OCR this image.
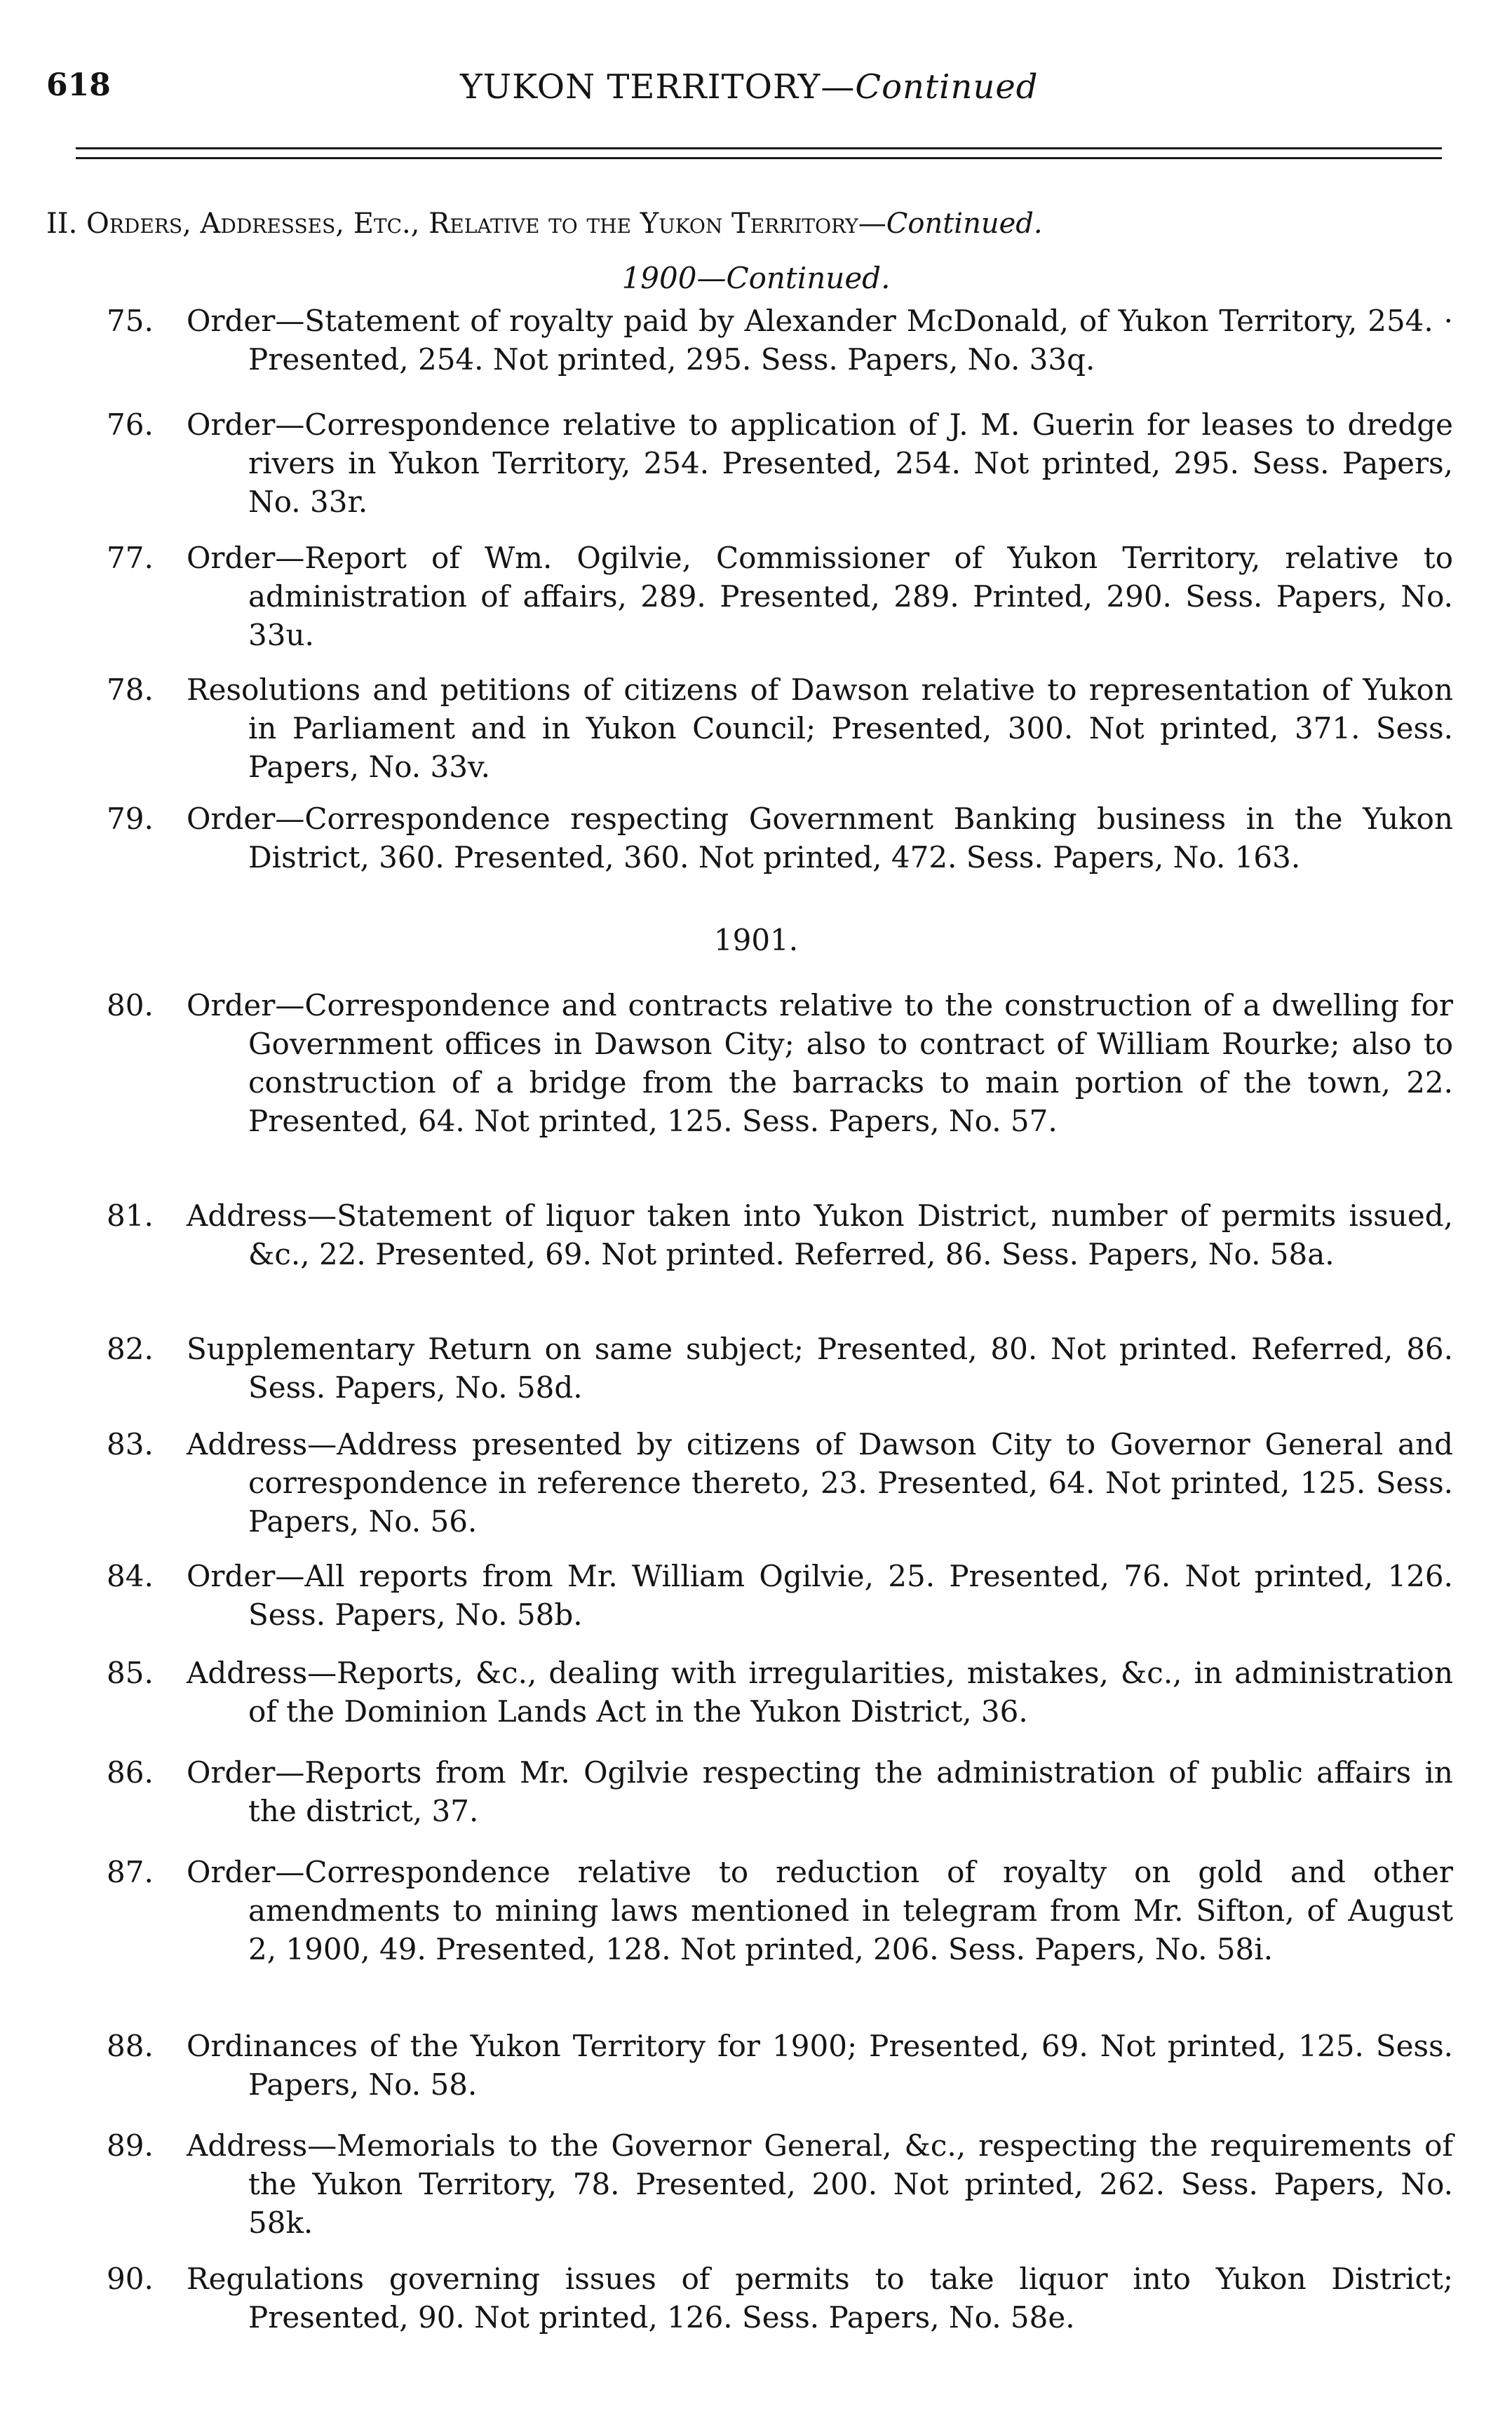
618	YUKON TERRITORY—Continued
II. Orders, Addresses, Etc., Relative to the Yukon Territory—Continued.
1900—Continued.
75.	Order—Statement of royalty paid by Alexander McDonald, of Yukon Territory, 254. · Presented, 254. Not printed, 295. Sess. Papers, No. 33q.
76.	Order—Correspondence relative to application of J. M. Guerin for leases to dredge rivers in Yukon Territory, 254. Presented, 254. Not printed, 295. Sess. Papers, No. 33r.
77.	Order—Report of Wm. Ogilvie, Commissioner of Yukon Territory, relative to administration of affairs, 289. Presented, 289. Printed, 290. Sess. Papers, No. 33u.
78.	Resolutions and petitions of citizens of Dawson relative to representation of Yukon in Parliament and in Yukon Council; Presented, 300. Not printed, 371. Sess. Papers, No. 33v.
79.	Order—Correspondence respecting Government Banking business in the Yukon District, 360. Presented, 360. Not printed, 472. Sess. Papers, No. 163.
1901.
80.	Order—Correspondence and contracts relative to the construction of a dwelling for Government offices in Dawson City; also to contract of William Rourke; also to construction of a bridge from the barracks to main portion of the town, 22. Presented, 64. Not printed, 125. Sess. Papers, No. 57.
81.	Address—Statement of liquor taken into Yukon District, number of permits issued, &c., 22. Presented, 69. Not printed. Referred, 86. Sess. Papers, No. 58a.
82.	Supplementary Return on same subject; Presented, 80. Not printed. Referred, 86. Sess. Papers, No. 58d.
83.	Address—Address presented by citizens of Dawson City to Governor General and correspondence in reference thereto, 23. Presented, 64. Not printed, 125. Sess. Papers, No. 56.
84.	Order—All reports from Mr. William Ogilvie, 25. Presented, 76. Not printed, 126. Sess. Papers, No. 58b.
85.	Address—Reports, &c., dealing with irregularities, mistakes, &c., in administration of the Dominion Lands Act in the Yukon District, 36.
86.	Order—Reports from Mr. Ogilvie respecting the administration of public affairs in the district, 37.
87.	Order—Correspondence relative to reduction of royalty on gold and other amendments to mining laws mentioned in telegram from Mr. Sifton, of August 2, 1900, 49. Presented, 128. Not printed, 206. Sess. Papers, No. 58i.
88.	Ordinances of the Yukon Territory for 1900; Presented, 69. Not printed, 125. Sess. Papers, No. 58.
89.	Address—Memorials to the Governor General, &c., respecting the requirements of the Yukon Territory, 78. Presented, 200. Not printed, 262. Sess. Papers, No. 58k.
90.	Regulations governing issues of permits to take liquor into Yukon District; Presented, 90. Not printed, 126. Sess. Papers, No. 58e.
